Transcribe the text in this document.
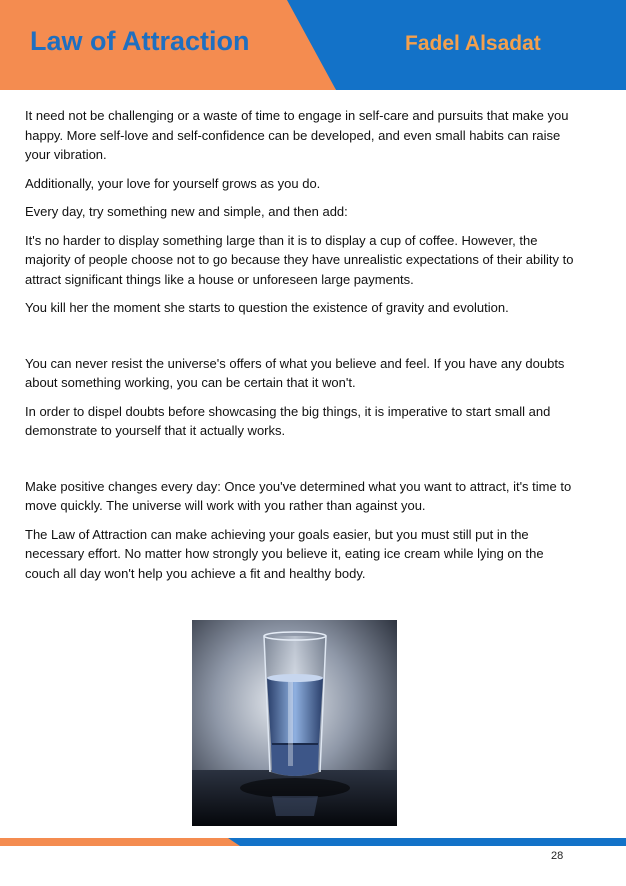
Law of Attraction	Fadel Alsadat

It need not be challenging or a waste of time to engage in self-care and pursuits that make you happy. More self-love and self-confidence can be developed, and even small habits can raise your vibration.

Additionally, your love for yourself grows as you do.

Every day, try something new and simple, and then add:

It's no harder to display something large than it is to display a cup of coffee. However, the majority of people choose not to go because they have unrealistic expectations of their ability to attract significant things like a house or unforeseen large payments.

You kill her the moment she starts to question the existence of gravity and evolution.

You can never resist the universe's offers of what you believe and feel. If you have any doubts about something working, you can be certain that it won't.

In order to dispel doubts before showcasing the big things, it is imperative to start small and demonstrate to yourself that it actually works.

Make positive changes every day: Once you've determined what you want to attract, it's time to move quickly. The universe will work with you rather than against you.

The Law of Attraction can make achieving your goals easier, but you must still put in the necessary effort. No matter how strongly you believe it, eating ice cream while lying on the couch all day won't help you achieve a fit and healthy body.

28
